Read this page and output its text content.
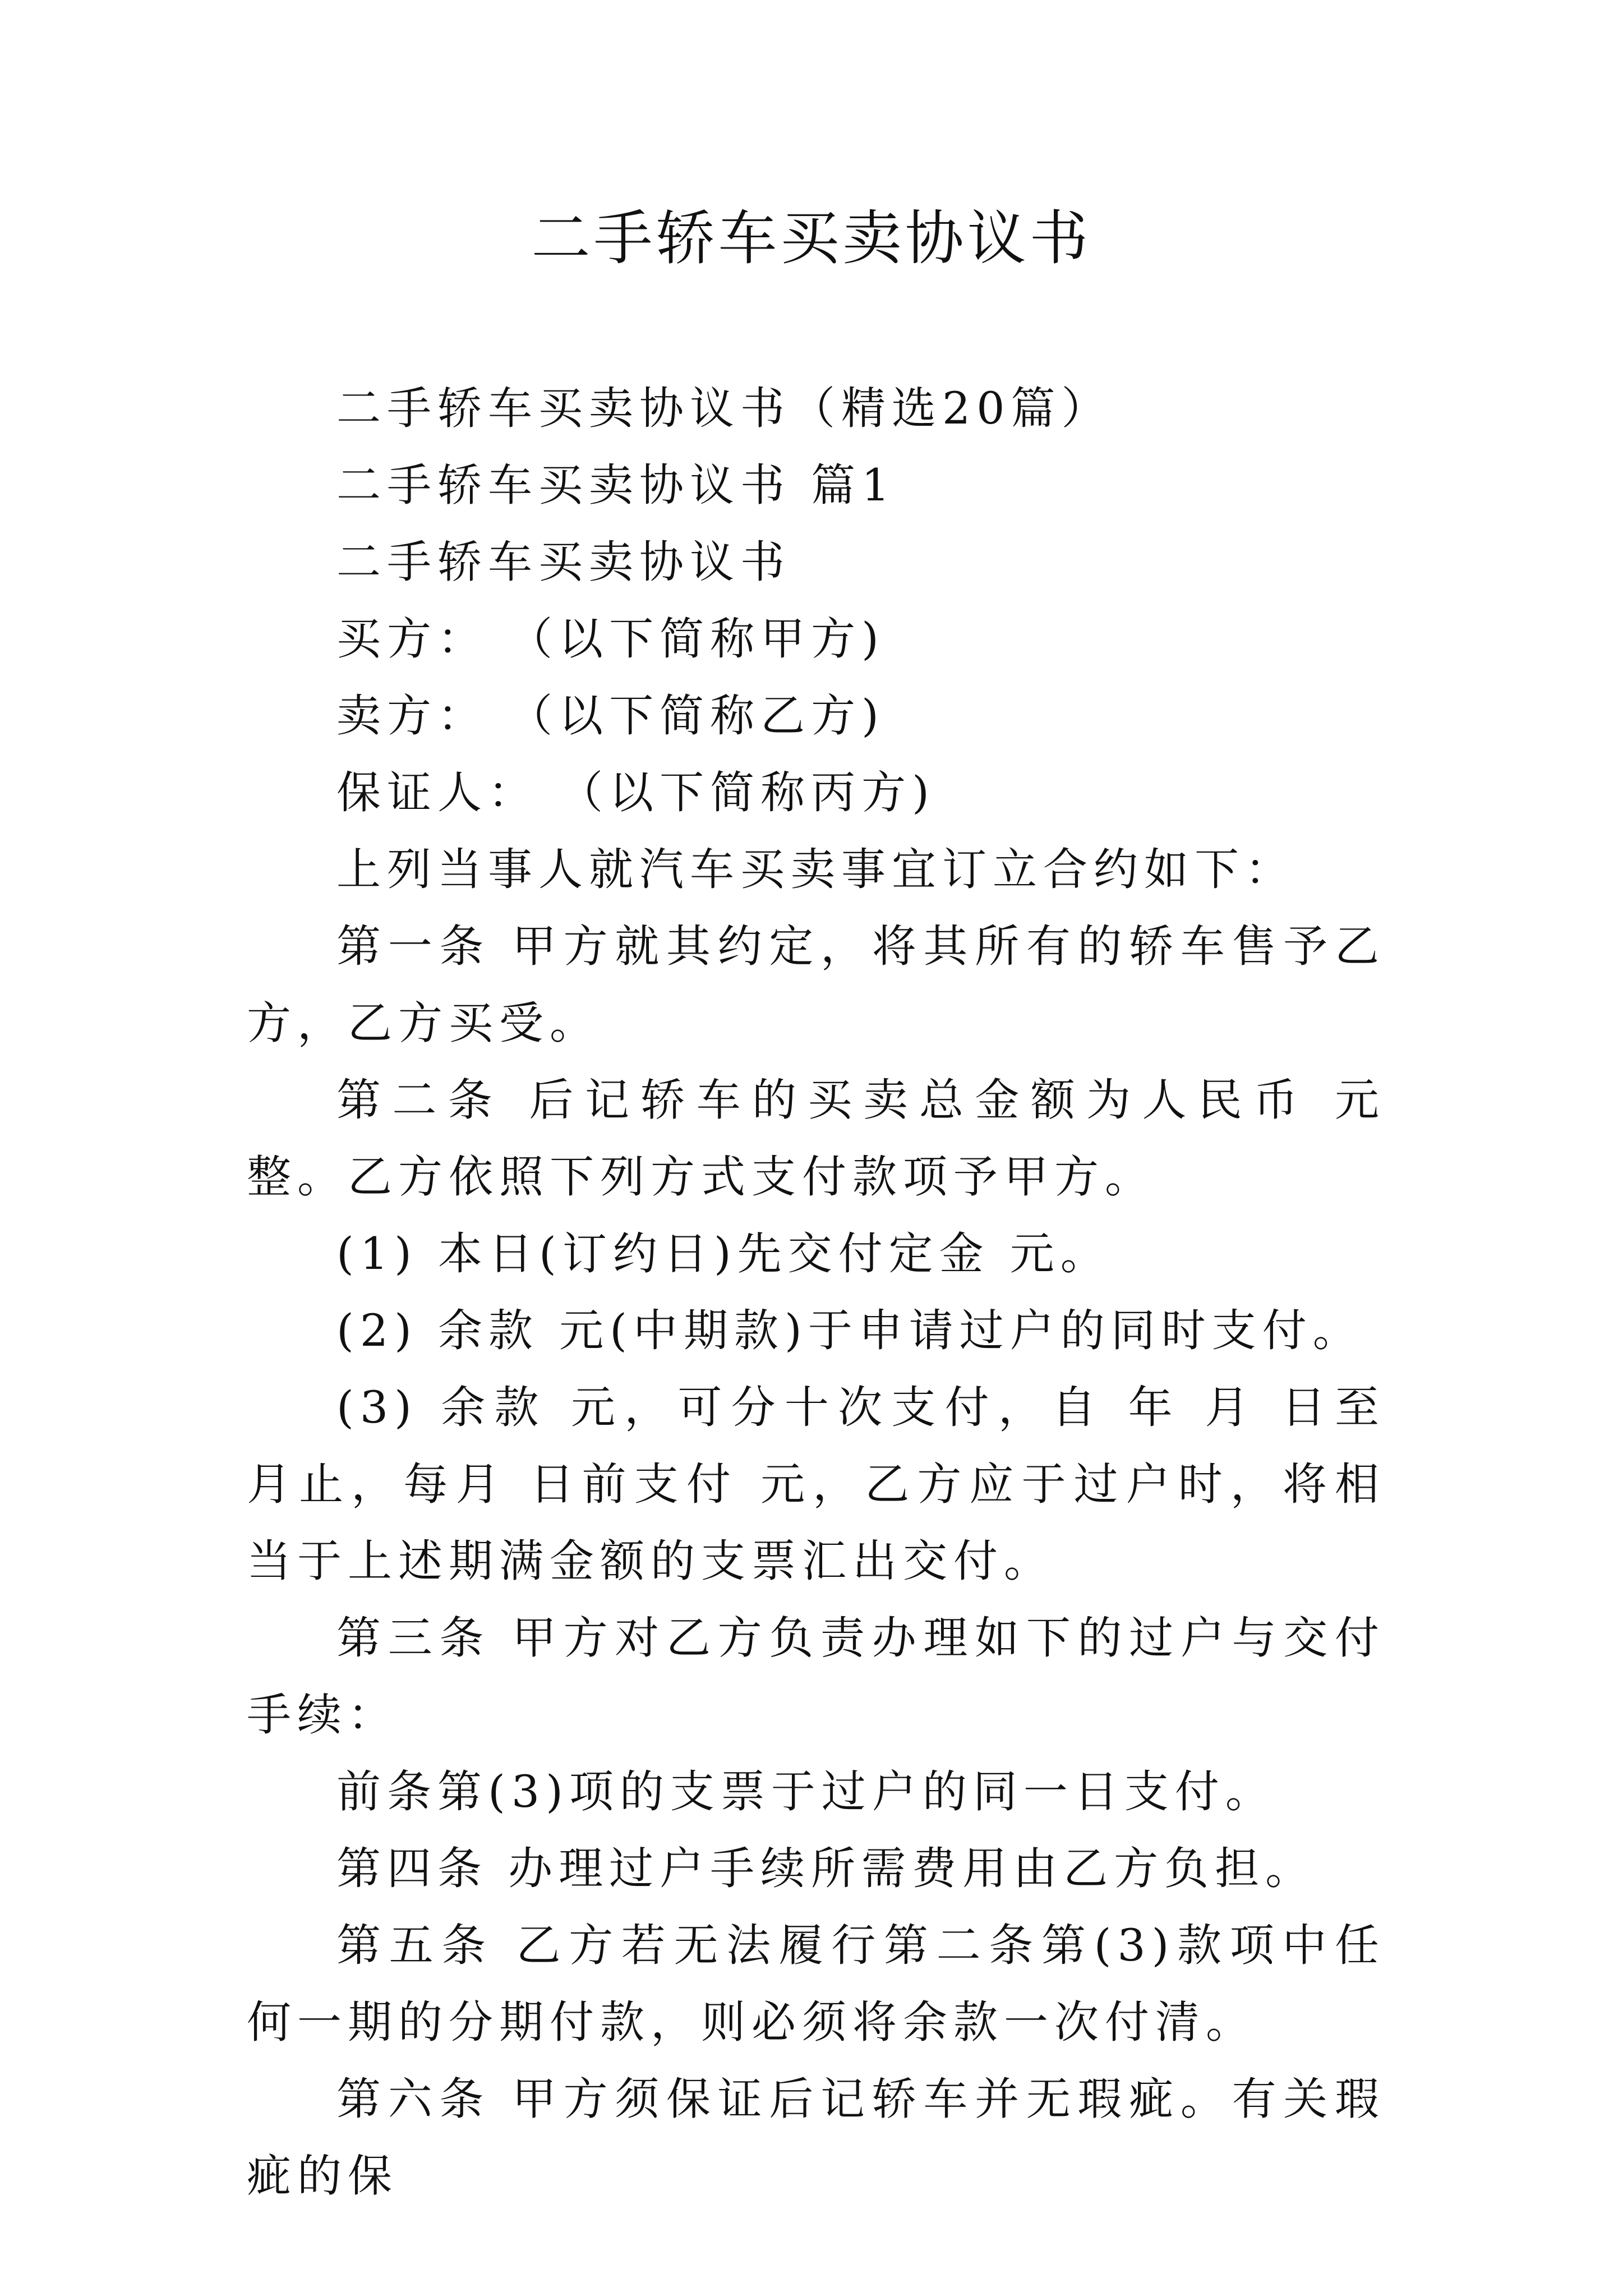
二手轿车买卖协议书

二手轿车买卖协议书（精选20篇）

二手轿车买卖协议书 篇1

二手轿车买卖协议书

买方： （以下简称甲方)

卖方： （以下简称乙方)

保证人： （以下简称丙方)

上列当事人就汽车买卖事宜订立合约如下：

第一条 甲方就其约定，将其所有的轿车售予乙方，乙方买受。

第二条 后记轿车的买卖总金额为人民币 元整。乙方依照下列方式支付款项予甲方。

(1) 本日(订约日)先交付定金 元。

(2) 余款 元(中期款)于申请过户的同时支付。

(3) 余款 元，可分十次支付，自 年 月 日至 月止，每月 日前支付 元，乙方应于过户时，将相当于上述期满金额的支票汇出交付。

第三条 甲方对乙方负责办理如下的过户与交付手续：

前条第(3)项的支票于过户的同一日支付。

第四条 办理过户手续所需费用由乙方负担。

第五条 乙方若无法履行第二条第(3)款项中任何一期的分期付款，则必须将余款一次付清。

第六条 甲方须保证后记轿车并无瑕疵。有关瑕疵的保
